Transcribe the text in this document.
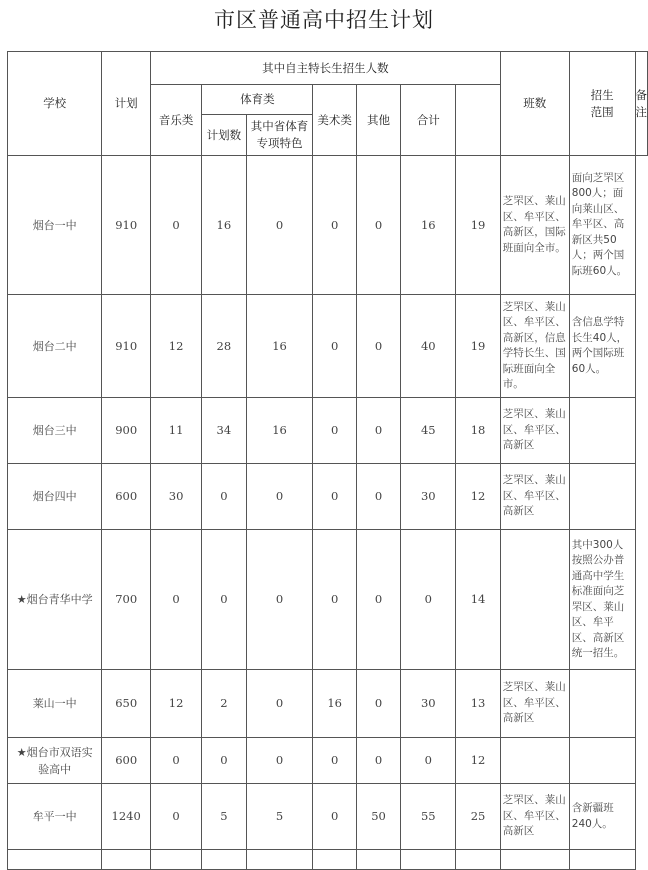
市区普通高中招生计划
学校	计划	其中自主特长生招生人数							班数	招生范围	备注
		音乐类	体育类		美术类	其他	合计				
			计划数	其中省体育专项特色							
烟台一中	910	0	16	0	0	0	16	19	芝罘区、莱山区、牟平区、高新区，国际班面向全市。	面向芝罘区800人；面向莱山区、牟平区、高新区共50人；两个国际班60人。	
烟台二中	910	12	28	16	0	0	40	19	芝罘区、莱山区、牟平区、高新区，信息学特长生、国际班面向全市。	含信息学特长生40人，两个国际班60人。	
烟台三中	900	11	34	16	0	0	45	18	芝罘区、莱山区、牟平区、高新区		
烟台四中	600	30	0	0	0	0	30	12	芝罘区、莱山区、牟平区、高新区		
★烟台青华中学	700	0	0	0	0	0	0	14		其中300人按照公办普通高中学生标准面向芝罘区、莱山区、牟平区、高新区统一招生。	
莱山一中	650	12	2	0	16	0	30	13	芝罘区、莱山区、牟平区、高新区		
★烟台市双语实验高中	600	0	0	0	0	0	0	12			
牟平一中	1240	0	5	5	0	50	55	25	芝罘区、莱山区、牟平区、高新区	含新疆班240人。	
